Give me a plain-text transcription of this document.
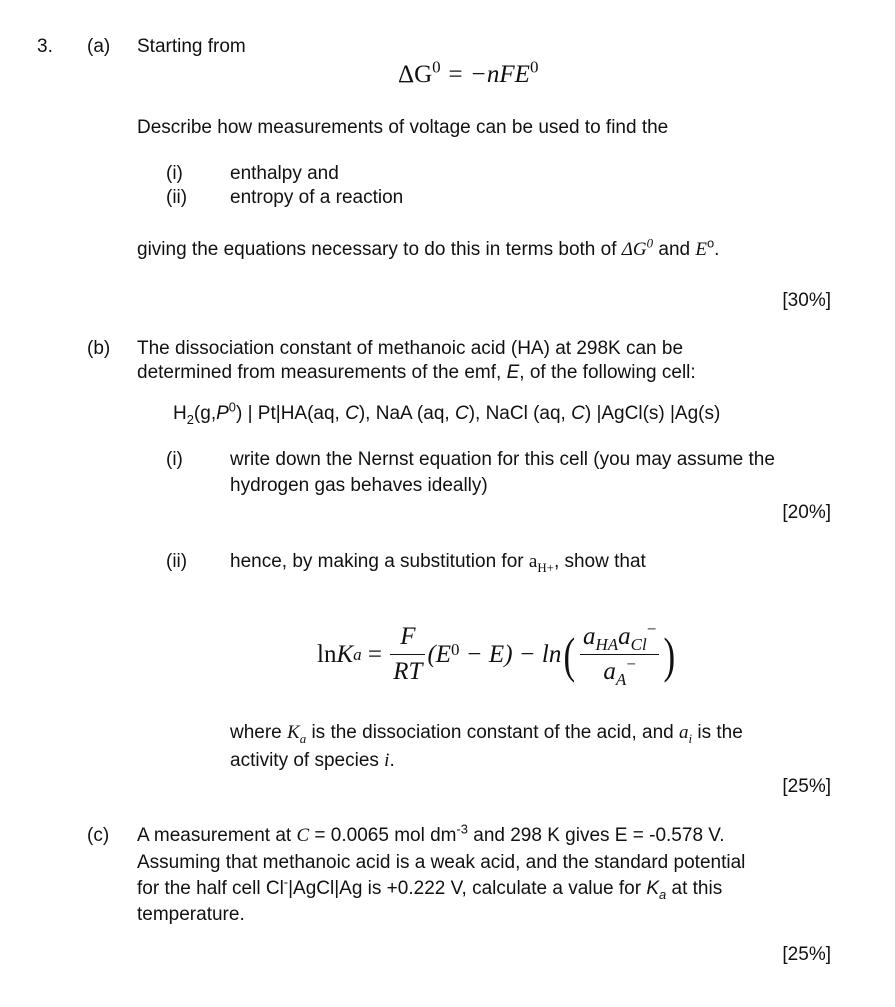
3. (a) Starting from
$\Delta G^0 = -nFE^0$
Describe how measurements of voltage can be used to find the
(i) enthalpy and
(ii) entropy of a reaction
giving the equations necessary to do this in terms both of $\Delta G^0$ and $E^o$.
[30%]
(b) The dissociation constant of methanoic acid (HA) at 298K can be
determined from measurements of the emf, E, of the following cell:
$H_2(g,P^0)$ | Pt|HA(aq, C), NaA (aq, C), NaCl (aq, C) |AgCl(s) |Ag(s)
(i) write down the Nernst equation for this cell (you may assume the
hydrogen gas behaves ideally)
[20%]
(ii) hence, by making a substitution for $a_{H+}$, show that
ln K $a = \frac{F}{RT} (E$ 0 − E) − ln ( $\frac{a_{HA}a_{Cl}^-}{a_A^-}$ )
where $K_a$ is the dissociation constant of the acid, and $a_i$ is the
activity of species i.
[25%]
(c) A measurement at C = 0.0065 mol $dm^{-3}$ and 298 K gives E = -0.578 V.
Assuming that methanoic acid is a weak acid, and the standard potential
for the half cell Cl-|AgCl|Ag is +0.222 V, calculate a value for $K_a$ at this
temperature.
[25%]
